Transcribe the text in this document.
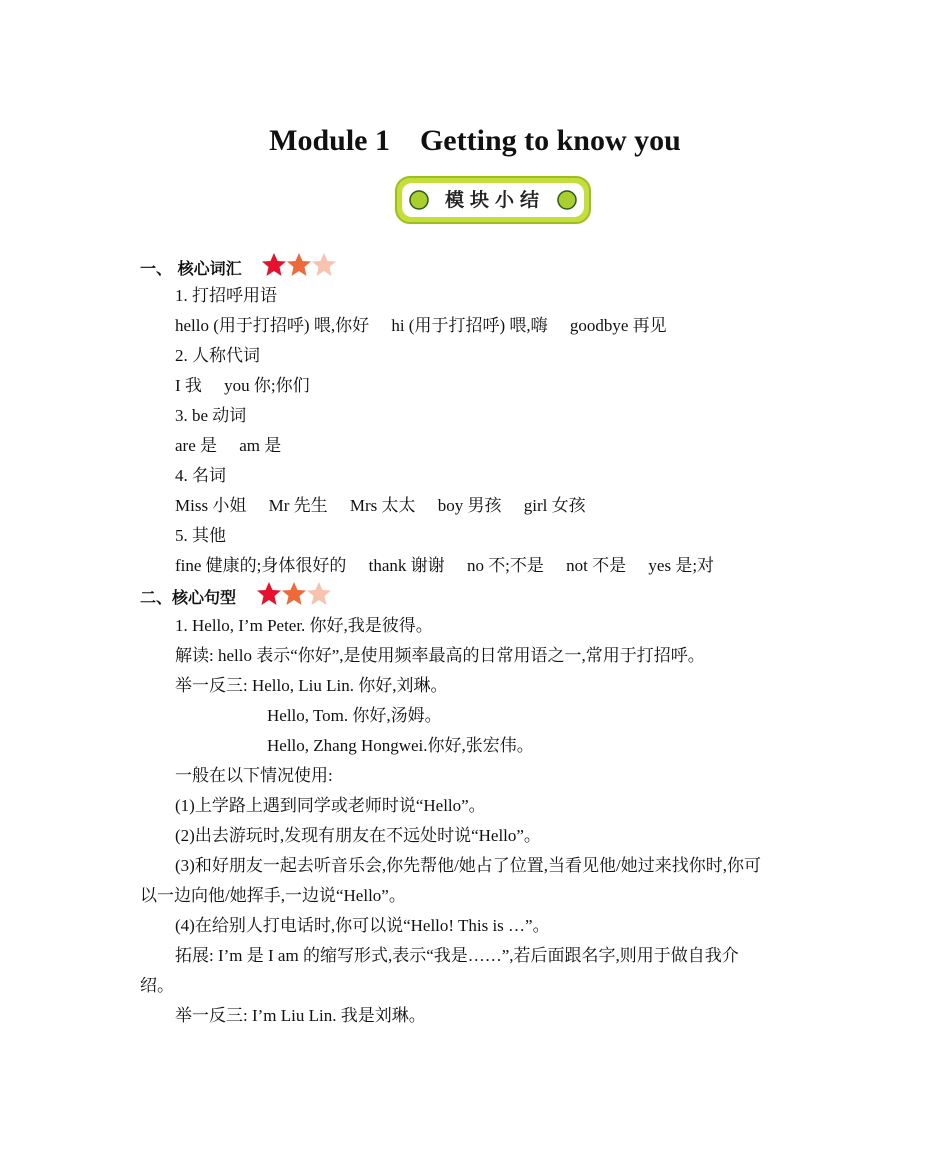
Module 1    Getting to know you
模块小结
一、 核心词汇
1. 打招呼用语
hello (用于打招呼) 喂,你好 hi (用于打招呼) 喂,嗨 goodbye 再见
2. 人称代词
I 我 you 你;你们
3. be 动词
are 是 am 是
4. 名词
Miss 小姐 Mr 先生 Mrs 太太 boy 男孩 girl 女孩
5. 其他
fine 健康的;身体很好的 thank 谢谢 no 不;不是 not 不是 yes 是;对
二、核心句型
1. Hello, I’m Peter. 你好,我是彼得。
解读: hello 表示“你好”,是使用频率最高的日常用语之一,常用于打招呼。
举一反三: Hello, Liu Lin. 你好,刘琳。
Hello, Tom. 你好,汤姆。
Hello, Zhang Hongwei.你好,张宏伟。
一般在以下情况使用:
(1)上学路上遇到同学或老师时说“Hello”。
(2)出去游玩时,发现有朋友在不远处时说“Hello”。
(3)和好朋友一起去听音乐会,你先帮他/她占了位置,当看见他/她过来找你时,你可
以一边向他/她挥手,一边说“Hello”。
(4)在给别人打电话时,你可以说“Hello! This is …”。
拓展: I’m 是 I am 的缩写形式,表示“我是……”,若后面跟名字,则用于做自我介
绍。
举一反三: I’m Liu Lin. 我是刘琳。
